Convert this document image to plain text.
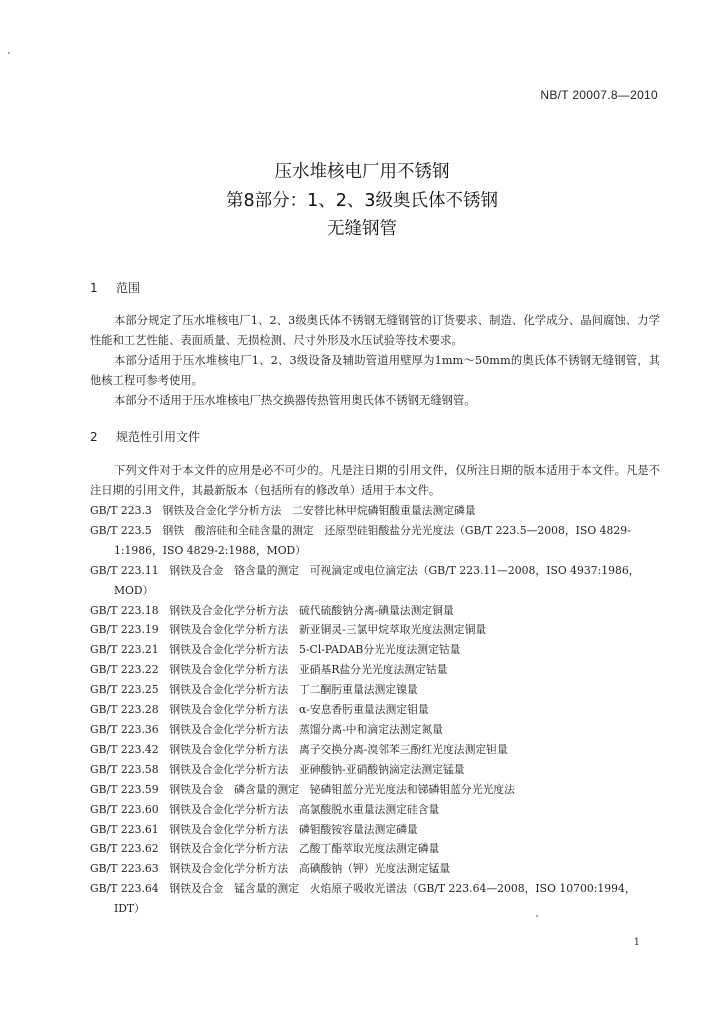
NB/T 20007.8—2010
压水堆核电厂用不锈钢
第8部分：1、2、3级奥氏体不锈钢
无缝钢管
1 范围

本部分规定了压水堆核电厂1、2、3级奥氏体不锈钢无缝钢管的订货要求、制造、化学成分、晶间腐蚀、力学性能和工艺性能、表面质量、无损检测、尺寸外形及水压试验等技术要求。

本部分适用于压水堆核电厂1、2、3级设备及辅助管道用壁厚为1mm～50mm的奥氏体不锈钢无缝钢管，其他核工程可参考使用。

本部分不适用于压水堆核电厂热交换器传热管用奥氏体不锈钢无缝钢管。

2 规范性引用文件

下列文件对于本文件的应用是必不可少的。凡是注日期的引用文件，仅所注日期的版本适用于本文件。凡是不注日期的引用文件，其最新版本（包括所有的修改单）适用于本文件。

GB/T 223.3　钢铁及合金化学分析方法　二安替比林甲烷磷钼酸重量法测定磷量

GB/T 223.5　钢铁　酸溶硅和全硅含量的测定　还原型硅钼酸盐分光光度法（GB/T 223.5—2008，ISO 4829-1:1986，ISO 4829-2:1988，MOD）

GB/T 223.11　钢铁及合金　铬含量的测定　可视滴定或电位滴定法（GB/T 223.11—2008，ISO 4937:1986，MOD）

GB/T 223.18　钢铁及合金化学分析方法　硫代硫酸钠分离-碘量法测定铜量

GB/T 223.19　钢铁及合金化学分析方法　新亚铜灵-三氯甲烷萃取光度法测定铜量

GB/T 223.21　钢铁及合金化学分析方法　5-Cl-PADAB分光光度法测定钴量

GB/T 223.22　钢铁及合金化学分析方法　亚硝基R盐分光光度法测定钴量

GB/T 223.25　钢铁及合金化学分析方法　丁二酮肟重量法测定镍量

GB/T 223.28　钢铁及合金化学分析方法　α-安息香肟重量法测定钼量

GB/T 223.36　钢铁及合金化学分析方法　蒸馏分离-中和滴定法测定氮量

GB/T 223.42　钢铁及合金化学分析方法　离子交换分离-溴邻苯三酚红光度法测定钽量

GB/T 223.58　钢铁及合金化学分析方法　亚砷酸钠-亚硝酸钠滴定法测定锰量

GB/T 223.59　钢铁及合金　磷含量的测定　铋磷钼蓝分光光度法和锑磷钼蓝分光光度法

GB/T 223.60　钢铁及合金化学分析方法　高氯酸脱水重量法测定硅含量

GB/T 223.61　钢铁及合金化学分析方法　磷钼酸铵容量法测定磷量

GB/T 223.62　钢铁及合金化学分析方法　乙酸丁酯萃取光度法测定磷量

GB/T 223.63　钢铁及合金化学分析方法　高碘酸钠（钾）光度法测定锰量

GB/T 223.64　钢铁及合金　锰含量的测定　火焰原子吸收光谱法（GB/T 223.64—2008，ISO 10700:1994，IDT）

1
